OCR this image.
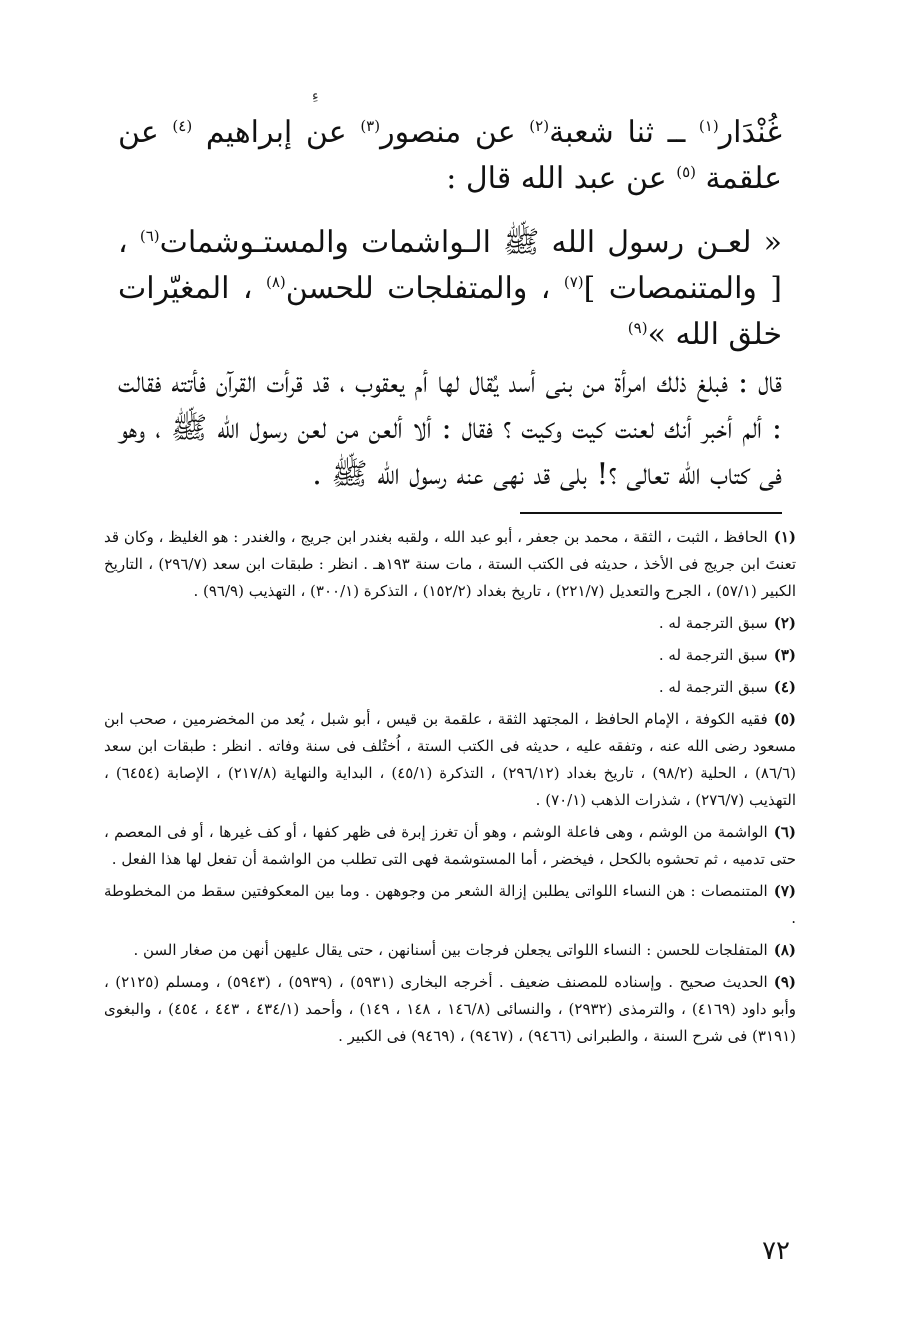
ءِ

غُنْدَار$^{(١)}$ ــ ثنا شعبة$^{(٢)}$ عن منصور$^{(٣)}$ عن إبراهيم $^{(٤)}$ عن علقمة $^{(٥)}$ عن عبد الله قال :

« لعـن رسول الله ﷺ الـواشمات والمستـوشمات$^{(٦)}$ ، [ والمتنمصات ]$^{(٧)}$ ، والمتفلجات للحسن$^{(٨)}$ ، المغيّرات خلق الله »$^{(٩)}$

قال : فبلغ ذلك امرأة من بنى أسد يُقال لها أم يعقوب ، قد قرأت القرآن فأتته فقالت : ألم أخبر أنك لعنت كيت وكيت ؟ فقال : ألا ألعن من لعن رسول الله ﷺ ، وهو فى كتاب الله تعالى ؟! بلى قد نهى عنه رسول الله ﷺ .

(١)الحافظ ، الثبت ، الثقة ، محمد بن جعفر ، أبو عبد الله ، ولقبه بغندر ابن جريج ، والغندر : هو الغليظ ، وكان قد تعنتَ ابن جريج فى الأخذ ، حديثه فى الكتب الستة ، مات سنة ١٩٣هـ . انظر : طبقات ابن سعد (٢٩٦/٧) ، التاريخ الكبير (٥٧/١) ، الجرح والتعديل (٢٢١/٧) ، تاريخ بغداد (١٥٢/٢) ، التذكرة (٣٠٠/١) ، التهذيب (٩٦/٩) .

(٢)سبق الترجمة له .

(٣)سبق الترجمة له .

(٤)سبق الترجمة له .

(٥)فقيه الكوفة ، الإمام الحافظ ، المجتهد الثقة ، علقمة بن قيس ، أبو شبل ، يُعد من المخضرمين ، صحب ابن مسعود رضى الله عنه ، وتفقه عليه ، حديثه فى الكتب الستة ، اُختُلف فى سنة وفاته . انظر : طبقات ابن سعد (٨٦/٦) ، الحلية (٩٨/٢) ، تاريخ بغداد (٢٩٦/١٢) ، التذكرة (٤٥/١) ، البداية والنهاية (٢١٧/٨) ، الإصابة (٦٤٥٤) ، التهذيب (٢٧٦/٧) ، شذرات الذهب (٧٠/١) .

(٦)الواشمة من الوشم ، وهى فاعلة الوشم ، وهو أن تغرز إبرة فى ظهر كفها ، أو كف غيرها ، أو فى المعصم ، حتى تدميه ، ثم تحشوه بالكحل ، فيخضر ، أما المستوشمة فهى التى تطلب من الواشمة أن تفعل لها هذا الفعل .

(٧)المتنمصات : هن النساء اللواتى يطلبن إزالة الشعر من وجوههن . وما بين المعكوفتين سقط من المخطوطة .

(٨)المتفلجات للحسن : النساء اللواتى يجعلن فرجات بين أسنانهن ، حتى يقال عليهن أنهن من صغار السن .

(٩)الحديث صحيح . وإسناده للمصنف ضعيف . أخرجه البخارى (٥٩٣١) ، (٥٩٣٩) ، (٥٩٤٣) ، ومسلم (٢١٢٥) ، وأبو داود (٤١٦٩) ، والترمذى (٢٩٣٢) ، والنسائى (١٤٦/٨ ، ١٤٨ ، ١٤٩) ، وأحمد (٤٣٤/١ ، ٤٤٣ ، ٤٥٤) ، والبغوى (٣١٩١) فى شرح السنة ، والطبرانى (٩٤٦٦) ، (٩٤٦٧) ، (٩٤٦٩) فى الكبير .

٧٢
